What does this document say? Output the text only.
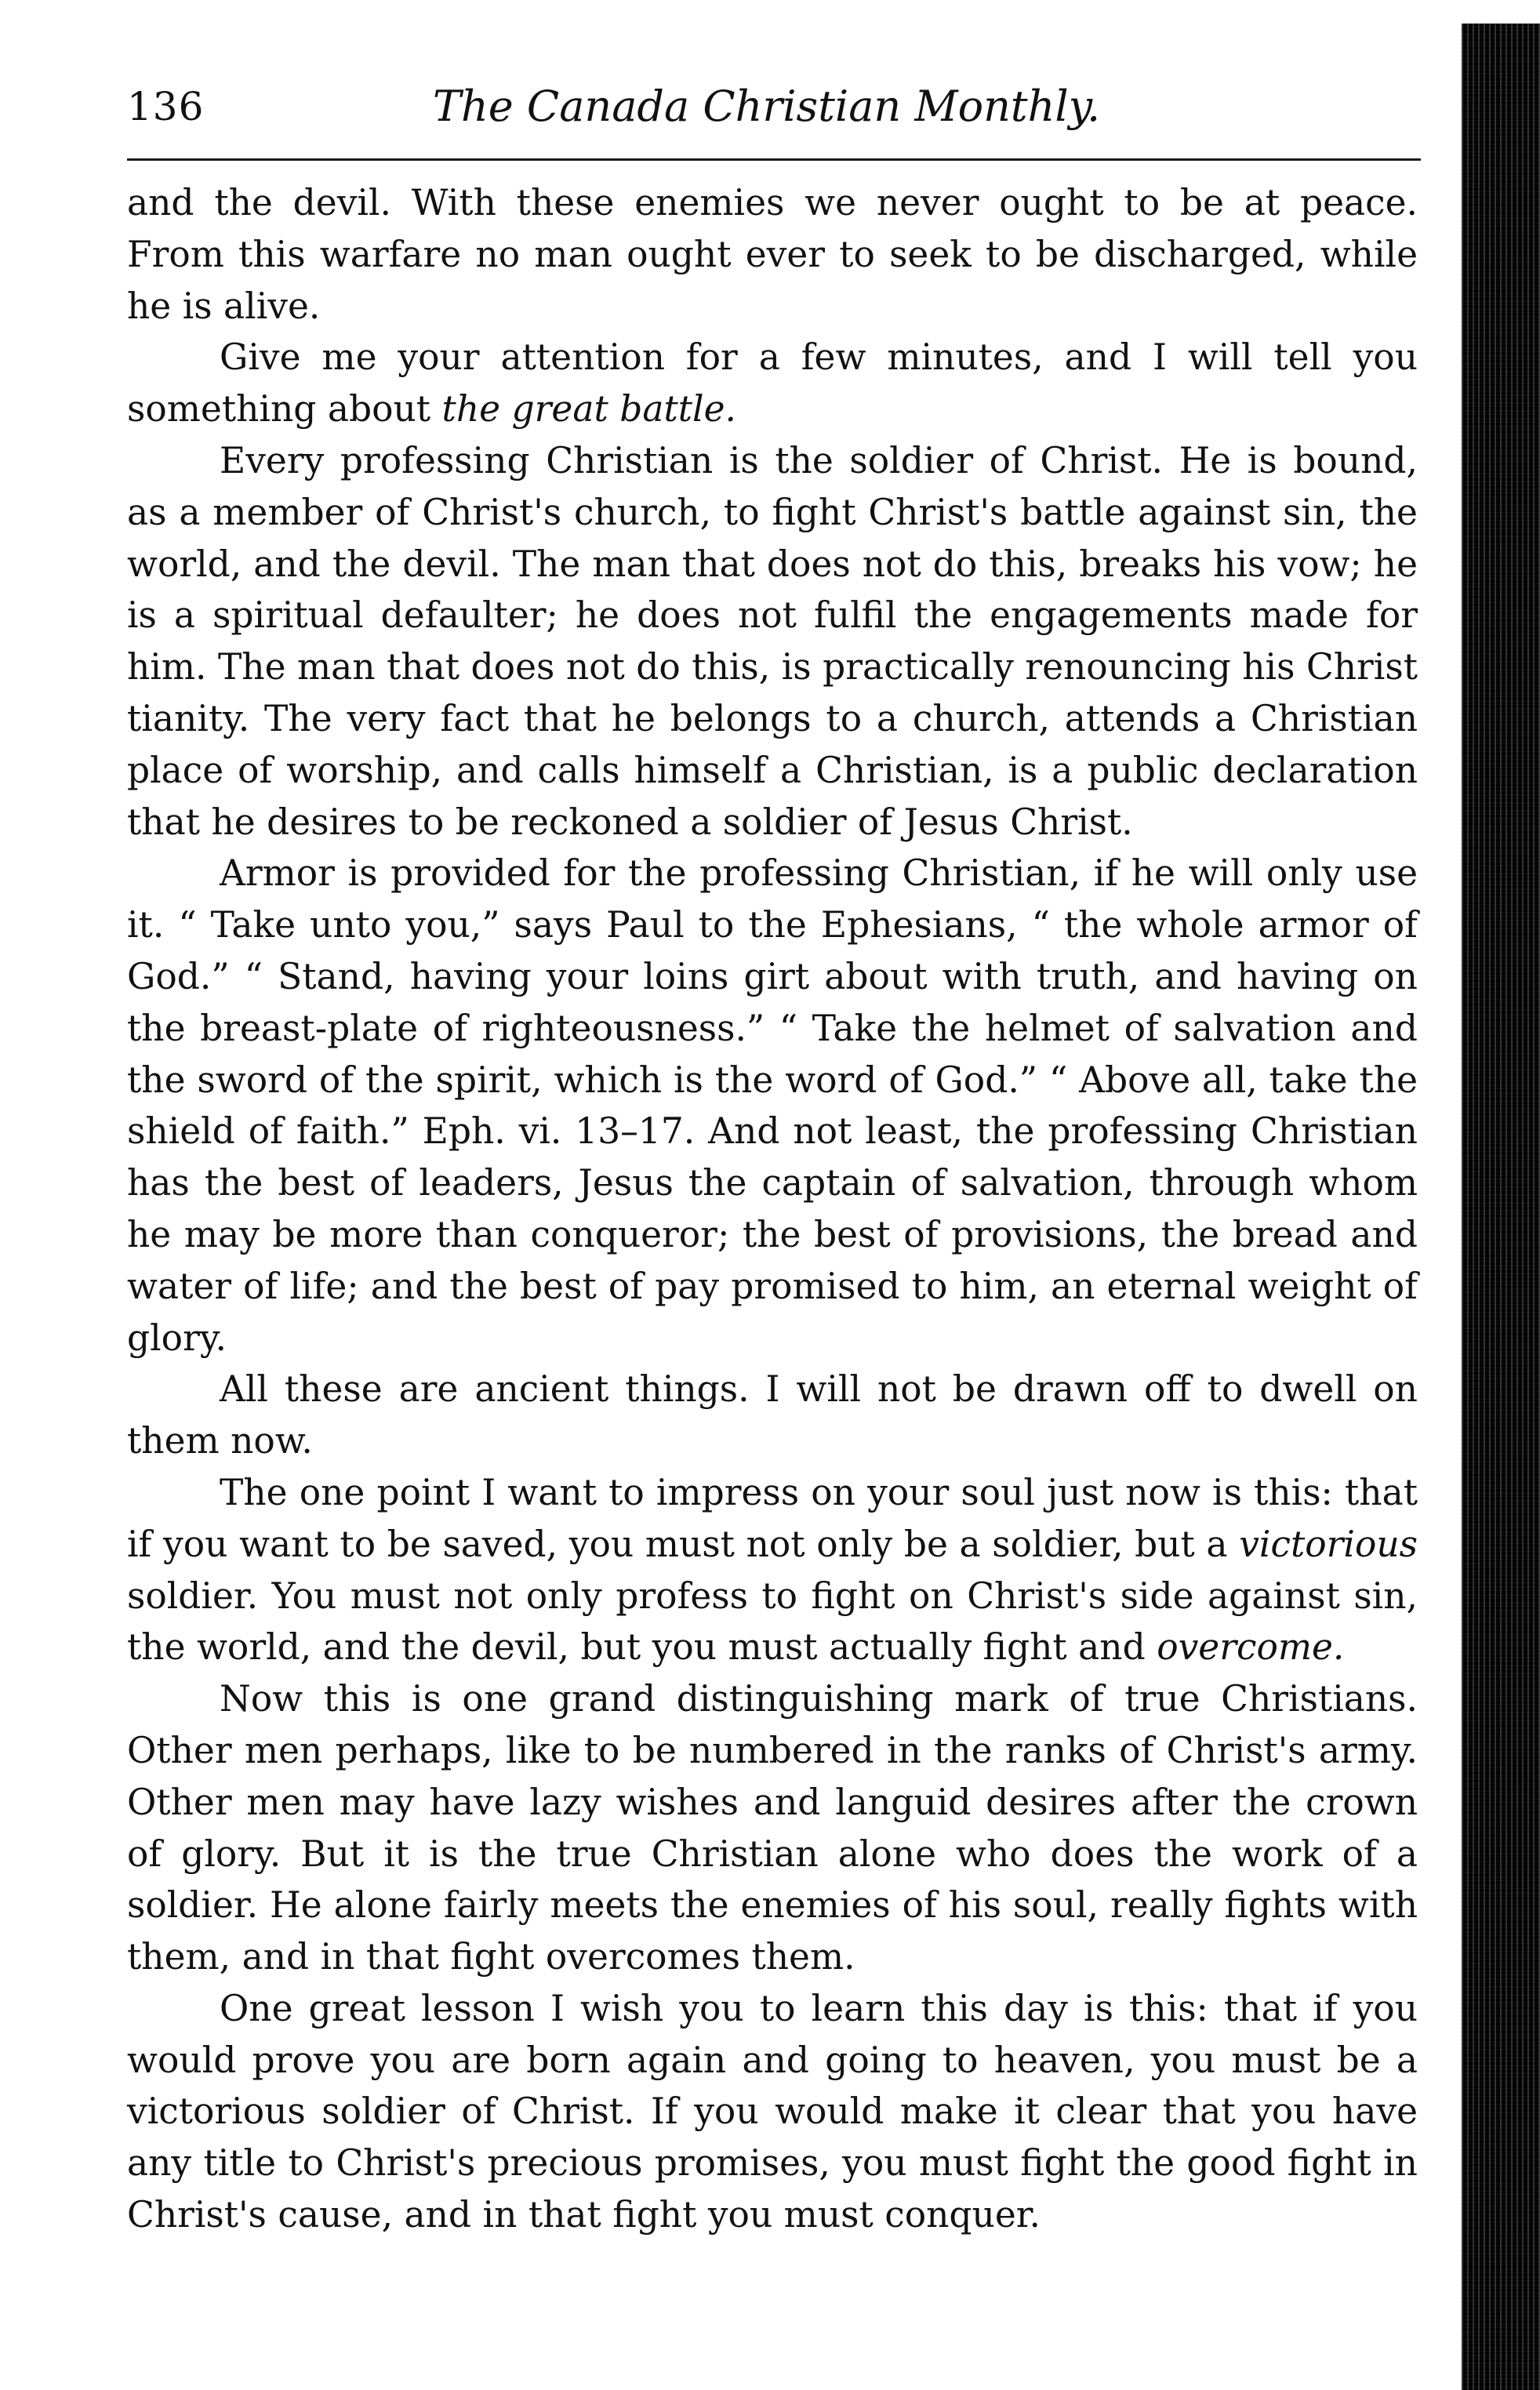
136	The Canada Christian Monthly.

and the devil. With these enemies we never ought to be at peace. From this warfare no man ought ever to seek to be discharged, while he is alive.

Give me your attention for a few minutes, and I will tell you something about the great battle.

Every professing Christian is the soldier of Christ. He is bound, as a member of Christ's church, to fight Christ's battle against sin, the world, and the devil. The man that does not do this, breaks his vow; he is a spiritual defaulter; he does not fulfil the engagements made for him. The man that does not do this, is practically renouncing his Christ tianity. The very fact that he belongs to a church, attends a Christian place of worship, and calls himself a Christian, is a public declaration that he desires to be reckoned a soldier of Jesus Christ.

Armor is provided for the professing Christian, if he will only use it. “ Take unto you,” says Paul to the Ephesians, “ the whole armor of God.” “ Stand, having your loins girt about with truth, and having on the breast-plate of righteousness.” “ Take the helmet of salvation and the sword of the spirit, which is the word of God.” “ Above all, take the shield of faith.” Eph. vi. 13–17. And not least, the professing Christian has the best of leaders, Jesus the captain of salvation, through whom he may be more than conqueror; the best of provisions, the bread and water of life; and the best of pay promised to him, an eternal weight of glory.

All these are ancient things. I will not be drawn off to dwell on them now.

The one point I want to impress on your soul just now is this: that if you want to be saved, you must not only be a soldier, but a victorious soldier. You must not only profess to fight on Christ's side against sin, the world, and the devil, but you must actually fight and overcome.

Now this is one grand distinguishing mark of true Christians. Other men perhaps, like to be numbered in the ranks of Christ's army. Other men may have lazy wishes and languid desires after the crown of glory. But it is the true Christian alone who does the work of a soldier. He alone fairly meets the enemies of his soul, really fights with them, and in that fight overcomes them.

One great lesson I wish you to learn this day is this: that if you would prove you are born again and going to heaven, you must be a victorious soldier of Christ. If you would make it clear that you have any title to Christ's precious promises, you must fight the good fight in Christ's cause, and in that fight you must conquer.
